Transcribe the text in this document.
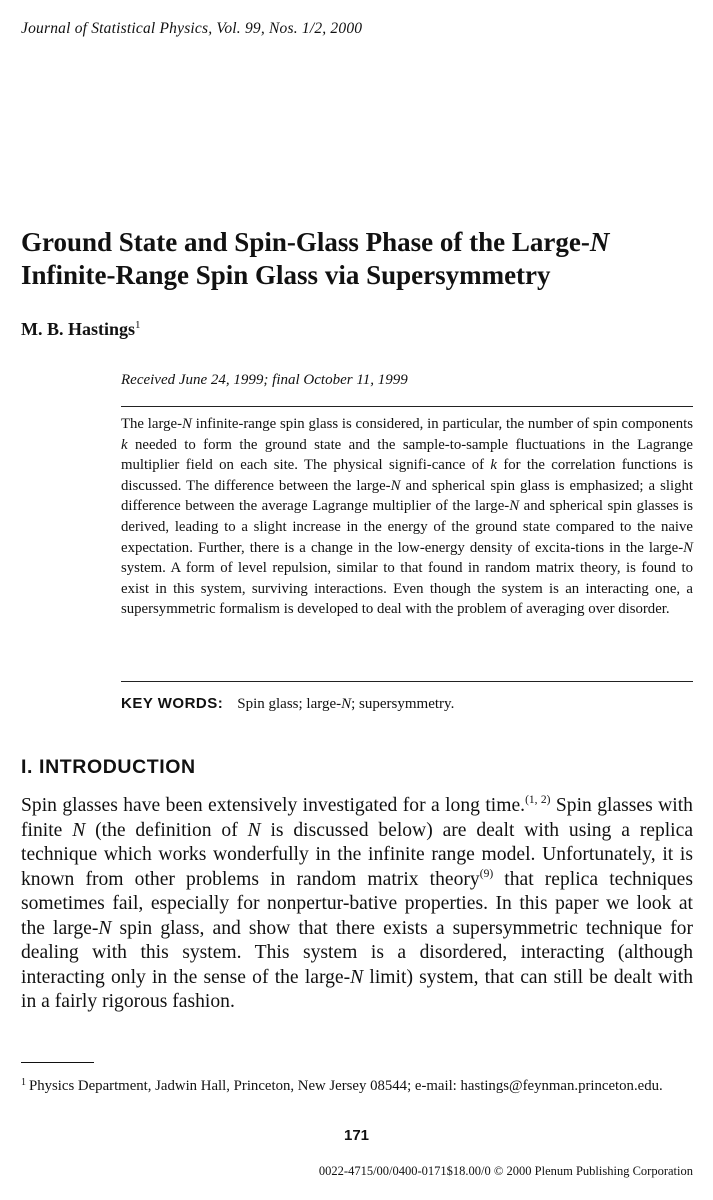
Journal of Statistical Physics, Vol. 99, Nos. 1/2, 2000
Ground State and Spin-Glass Phase of the Large-N
Infinite-Range Spin Glass via Supersymmetry
M. B. Hastings$^1$
Received June 24, 1999; final October 11, 1999
The large-N infinite-range spin glass is considered, in particular, the number of spin components k needed to form the ground state and the sample-to-sample fluctuations in the Lagrange multiplier field on each site. The physical signifi-cance of k for the correlation functions is discussed. The difference between the large-N and spherical spin glass is emphasized; a slight difference between the average Lagrange multiplier of the large-N and spherical spin glasses is derived, leading to a slight increase in the energy of the ground state compared to the naive expectation. Further, there is a change in the low-energy density of excita-tions in the large-N system. A form of level repulsion, similar to that found in random matrix theory, is found to exist in this system, surviving interactions. Even though the system is an interacting one, a supersymmetric formalism is developed to deal with the problem of averaging over disorder.
KEY WORDS: Spin glass; large-N; supersymmetry.
I. INTRODUCTION
Spin glasses have been extensively investigated for a long time.$^{(1, 2)}$ Spin glasses with finite N (the definition of N is discussed below) are dealt with using a replica technique which works wonderfully in the infinite range model. Unfortunately, it is known from other problems in random matrix theory$^{(9)}$ that replica techniques sometimes fail, especially for nonpertur-bative properties. In this paper we look at the large-N spin glass, and show that there exists a supersymmetric technique for dealing with this system. This system is a disordered, interacting (although interacting only in the sense of the large-N limit) system, that can still be dealt with in a fairly rigorous fashion.

$^1$ Physics Department, Jadwin Hall, Princeton, New Jersey 08544; e-mail: hastings@feynman.princeton.edu.

171
0022-4715/00/0400-0171$18.00/0 © 2000 Plenum Publishing Corporation
